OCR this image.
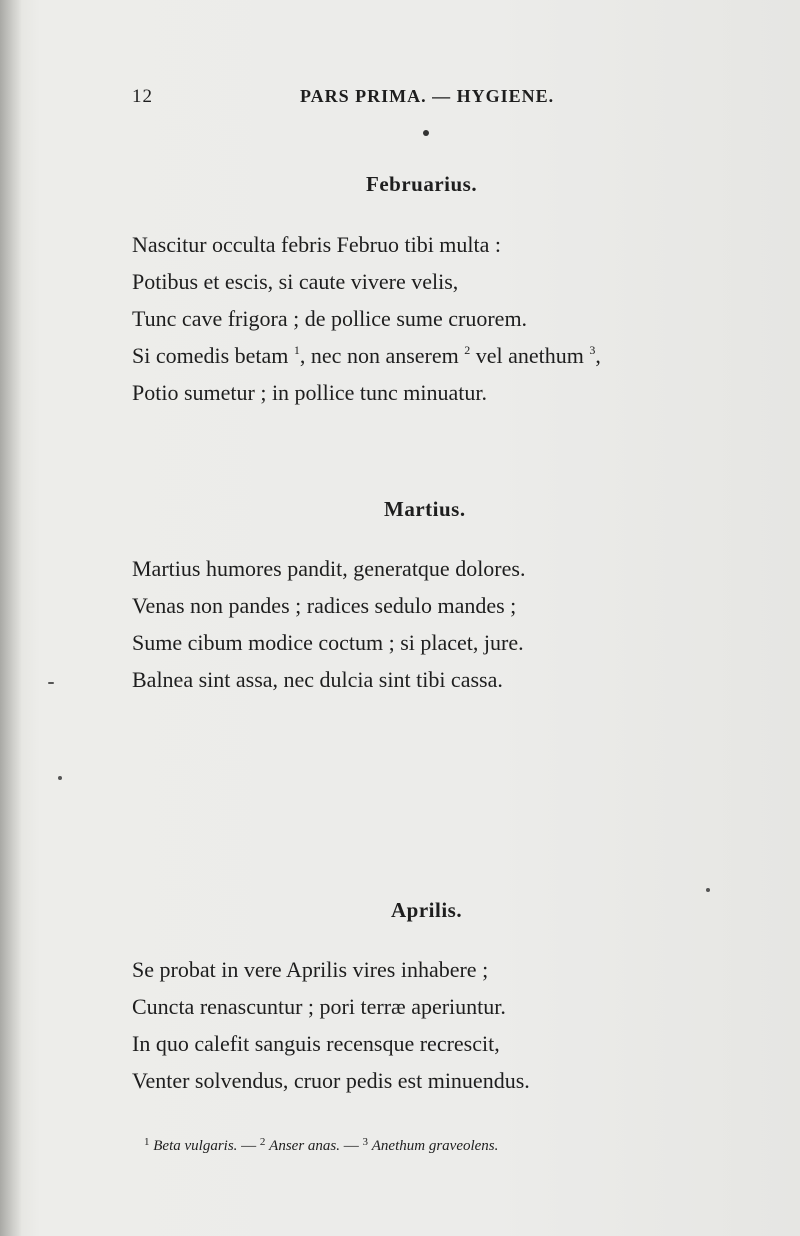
12	PARS PRIMA. — HYGIENE.
Februarius.
Nascitur occulta febris Februo tibi multa :
Potibus et escis, si caute vivere velis,
Tunc cave frigora ; de pollice sume cruorem.
Si comedis betam $^1$, nec non anserem $^2$ vel anethum $^3$,
Potio sumetur ; in pollice tunc minuatur.
Martius.
Martius humores pandit, generatque dolores.
Venas non pandes ; radices sedulo mandes ;
Sume cibum modice coctum ; si placet, jure.
Balnea sint assa, nec dulcia sint tibi cassa.
Aprilis.
Se probat in vere Aprilis vires inhabere ;
Cuncta renascuntur ; pori terræ aperiuntur.
In quo calefit sanguis recensque recrescit,
Venter solvendus, cruor pedis est minuendus.
$^1$ Beta vulgaris. — $^2$ Anser anas. — $^3$ Anethum graveolens.
